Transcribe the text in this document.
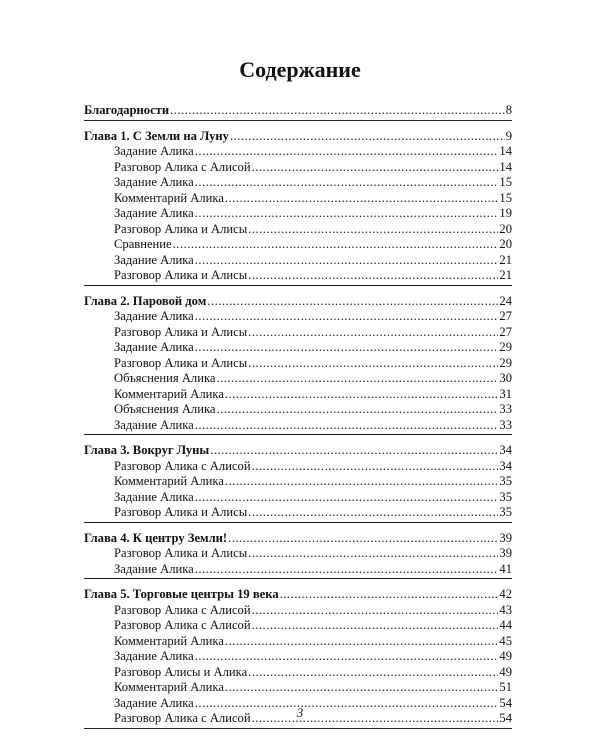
Содержание
Благодарности .....	8
Глава 1. С Земли на Луну .....	9
Задание Алика .....	14
Разговор Алика с Алисой .....	14
Задание Алика .....	15
Комментарий Алика .....	15
Задание Алика .....	19
Разговор Алика и Алисы .....	20
Сравнение .....	20
Задание Алика .....	21
Разговор Алика и Алисы .....	21
Глава 2. Паровой дом .....	24
Задание Алика .....	27
Разговор Алика и Алисы .....	27
Задание Алика .....	29
Разговор Алика и Алисы .....	29
Объяснения Алика .....	30
Комментарий Алика .....	31
Объяснения Алика .....	33
Задание Алика .....	33
Глава 3. Вокруг Луны .....	34
Разговор Алика с Алисой .....	34
Комментарий Алика .....	35
Задание Алика .....	35
Разговор Алика и Алисы .....	35
Глава 4. К центру Земли! .....	39
Разговор Алика и Алисы .....	39
Задание Алика .....	41
Глава 5. Торговые центры 19 века .....	42
Разговор Алика с Алисой .....	43
Разговор Алика с Алисой .....	44
Комментарий Алика .....	45
Задание Алика .....	49
Разговор Алисы и Алика .....	49
Комментарий Алика .....	51
Задание Алика .....	54
Разговор Алика с Алисой .....	54
3
